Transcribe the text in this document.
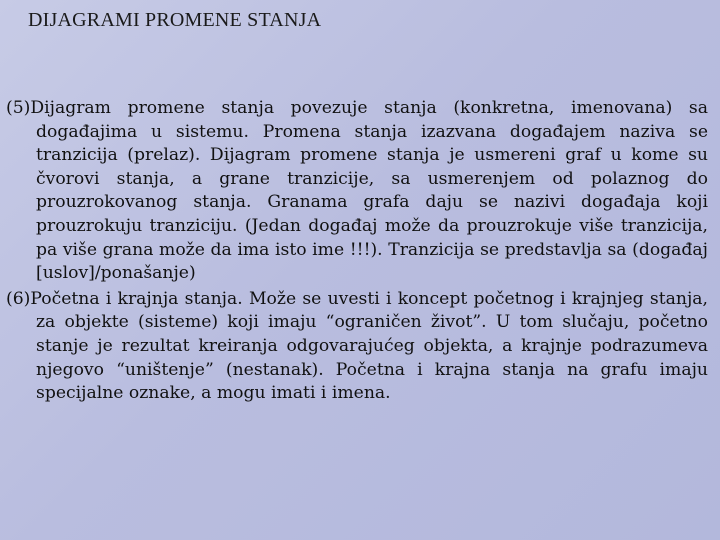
DIJAGRAMI PROMENE STANJA

(5)Dijagram promene stanja povezuje stanja (konkretna, imenovana) sa događajima u sistemu. Promena stanja izazvana događajem naziva se tranzicija (prelaz). Dijagram promene stanja je usmereni graf u kome su čvorovi stanja, a grane tranzicije, sa usmerenjem od polaznog do prouzrokovanog stanja. Granama grafa daju se nazivi događaja koji prouzrokuju tranziciju. (Jedan događaj može da prouzrokuje više tranzicija, pa više grana može da ima isto ime !!!). Tranzicija se predstavlja sa (događaj [uslov]/ponašanje)

(6)Početna i krajnja stanja. Može se uvesti i koncept početnog i krajnjeg stanja, za objekte (sisteme) koji imaju “ograničen život”. U tom slučaju, početno stanje je rezultat kreiranja odgovarajućeg objekta, a krajnje podrazumeva njegovo “uništenje” (nestanak). Početna i krajna stanja na grafu imaju specijalne oznake, a mogu imati i imena.
